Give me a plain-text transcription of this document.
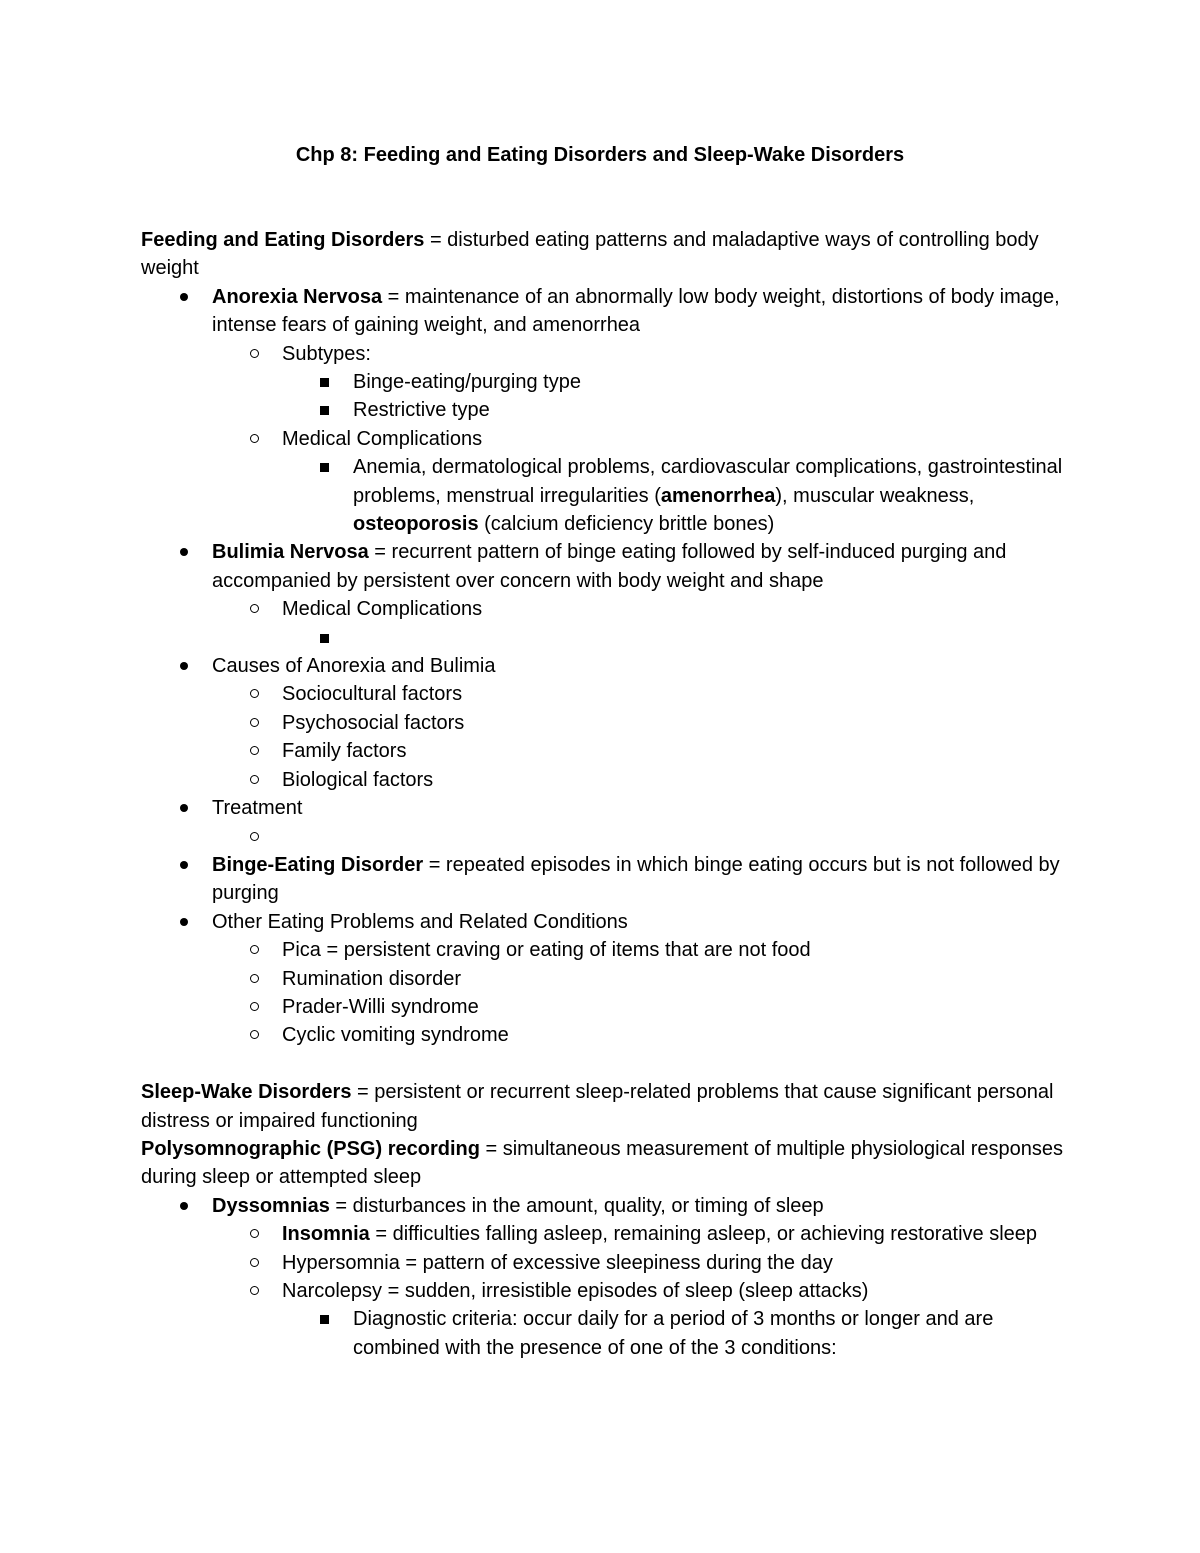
Chp 8: Feeding and Eating Disorders and Sleep-Wake Disorders

Feeding and Eating Disorders = disturbed eating patterns and maladaptive ways of controlling body weight

Anorexia Nervosa = maintenance of an abnormally low body weight, distortions of body image, intense fears of gaining weight, and amenorrhea
Subtypes:
Binge-eating/purging type
Restrictive type
Medical Complications
Anemia, dermatological problems, cardiovascular complications, gastrointestinal problems, menstrual irregularities (amenorrhea), muscular weakness, osteoporosis (calcium deficiency brittle bones)
Bulimia Nervosa = recurrent pattern of binge eating followed by self-induced purging and accompanied by persistent over concern with body weight and shape
Medical Complications
Causes of Anorexia and Bulimia
Sociocultural factors
Psychosocial factors
Family factors
Biological factors
Treatment
Binge-Eating Disorder = repeated episodes in which binge eating occurs but is not followed by purging
Other Eating Problems and Related Conditions
Pica = persistent craving or eating of items that are not food
Rumination disorder
Prader-Willi syndrome
Cyclic vomiting syndrome

Sleep-Wake Disorders = persistent or recurrent sleep-related problems that cause significant personal distress or impaired functioning

Polysomnographic (PSG) recording = simultaneous measurement of multiple physiological responses during sleep or attempted sleep

Dyssomnias = disturbances in the amount, quality, or timing of sleep
Insomnia = difficulties falling asleep, remaining asleep, or achieving restorative sleep
Hypersomnia = pattern of excessive sleepiness during the day
Narcolepsy = sudden, irresistible episodes of sleep (sleep attacks)
Diagnostic criteria: occur daily for a period of 3 months or longer and are combined with the presence of one of the 3 conditions:
